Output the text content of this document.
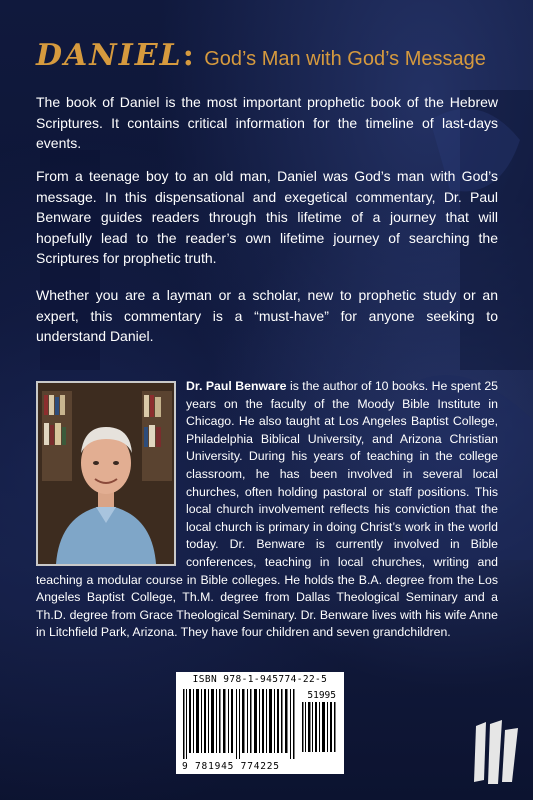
DANIEL: God’s Man with God’s Message

The book of Daniel is the most important prophetic book of the Hebrew Scriptures. It contains critical information for the timeline of last-days events.

From a teenage boy to an old man, Daniel was God’s man with God’s message. In this dispensational and exegetical commentary, Dr. Paul Benware guides readers through this lifetime of a journey that will hopefully lead to the reader’s own lifetime journey of searching the Scriptures for prophetic truth.

Whether you are a layman or a scholar, new to prophetic study or an expert, this commentary is a “must-have” for anyone seeking to understand Daniel.

Dr. Paul Benware is the author of 10 books. He spent 25 years on the faculty of the Moody Bible Institute in Chicago. He also taught at Los Angeles Baptist College, Philadelphia Biblical University, and Arizona Christian University. During his years of teaching in the college classroom, he has been involved in several local churches, often holding pastoral or staff positions. This local church involvement reflects his conviction that the local church is primary in doing Christ’s work in the world today. Dr. Benware is currently involved in Bible conferences, teaching in local churches, writing and teaching a modular course in Bible colleges. He holds the B.A. degree from the Los Angeles Baptist College, Th.M. degree from Dallas Theological Seminary and a Th.D. degree from Grace Theological Seminary. Dr. Benware lives with his wife Anne in Litchfield Park, Arizona. They have four children and seven grandchildren.
ISBN 978-1-945774-22-5
51995
9 781945 774225
